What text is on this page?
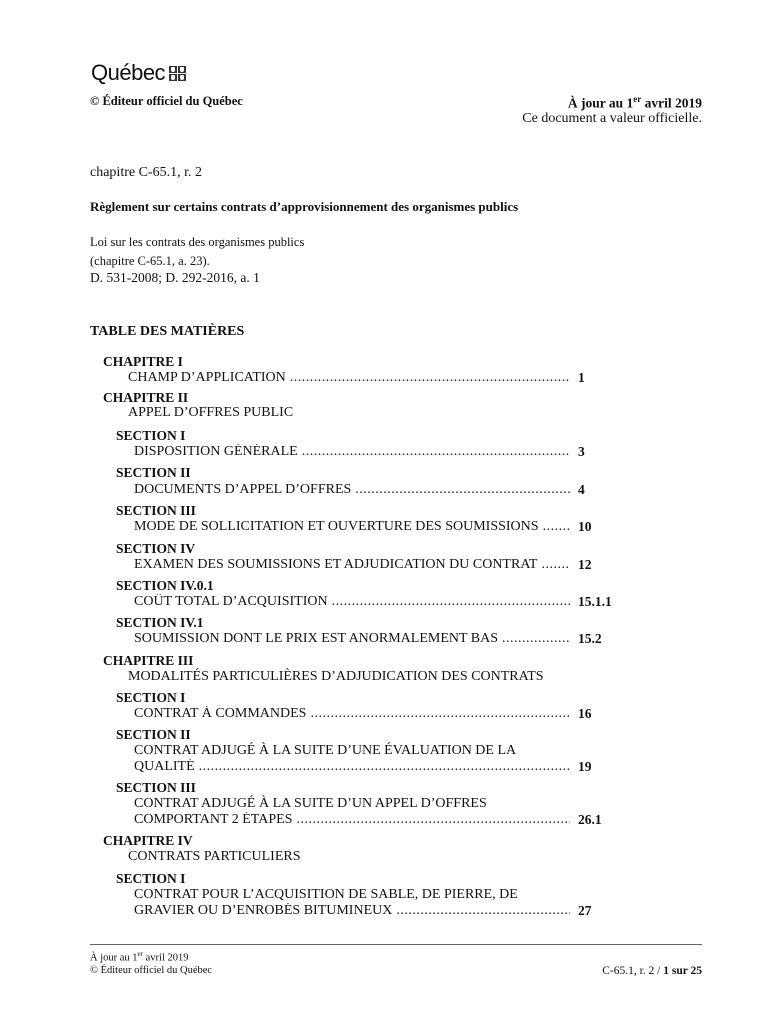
Québec
© Éditeur officiel du Québec	À jour au 1er avril 2019
Ce document a valeur officielle.
chapitre C-65.1, r. 2
Règlement sur certains contrats d’approvisionnement des organismes publics
Loi sur les contrats des organismes publics
(chapitre C-65.1, a. 23).
D. 531-2008; D. 292-2016, a. 1
TABLE DES MATIÈRES
CHAPITRE I
CHAMP D’APPLICATION .....	1
CHAPITRE II
APPEL D’OFFRES PUBLIC
SECTION I
DISPOSITION GÉNÉRALE .....	3
SECTION II
DOCUMENTS D’APPEL D’OFFRES .....	4
SECTION III
MODE DE SOLLICITATION ET OUVERTURE DES SOUMISSIONS .....	10
SECTION IV
EXAMEN DES SOUMISSIONS ET ADJUDICATION DU CONTRAT .....	12
SECTION IV.0.1
COÛT TOTAL D’ACQUISITION .....	15.1.1
SECTION IV.1
SOUMISSION DONT LE PRIX EST ANORMALEMENT BAS .....	15.2
CHAPITRE III
MODALITÉS PARTICULIÈRES D’ADJUDICATION DES CONTRATS
SECTION I
CONTRAT À COMMANDES .....	16
SECTION II
CONTRAT ADJUGÉ À LA SUITE D’UNE ÉVALUATION DE LA
QUALITÉ .....	19
SECTION III
CONTRAT ADJUGÉ À LA SUITE D’UN APPEL D’OFFRES
COMPORTANT 2 ÉTAPES .....	26.1
CHAPITRE IV
CONTRATS PARTICULIERS
SECTION I
CONTRAT POUR L’ACQUISITION DE SABLE, DE PIERRE, DE
GRAVIER OU D’ENROBÉS BITUMINEUX .....	27
À jour au 1er avril 2019
© Éditeur officiel du Québec	C-65.1, r. 2 / 1 sur 25
